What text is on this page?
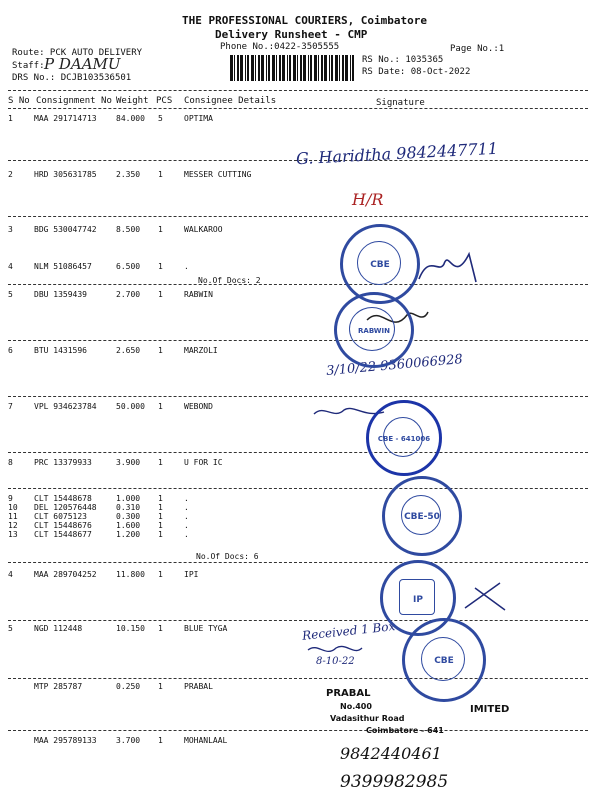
THE PROFESSIONAL COURIERS, Coimbatore
Delivery Runsheet - CMP
Phone No.:0422-3505555	Page No.:1
Route: PCK AUTO DELIVERY
Staff: P DAAMU
DRS No.: DCJB103536501
RS No.: 1035365
RS Date: 08-Oct-2022
S No Consignment No Weight PCS Consignee Details	Signature
1	MAA 291714713 84.000 5	OPTIMA
2	HRD 305631785 2.350 1	MESSER CUTTING
3	BDG 530047742 8.500 1	WALKAROO
4	NLM 51086457	6.500 1	.
5	DBU 1359439	2.700 1	RABWIN
6	BTU 1431596	2.650 1	MARZOLI
7	VPL 934623784 50.000 1	WEBOND
8	PRC 13379933	3.900 1	U FOR IC
9	CLT 15448678	1.000 1	.
10 DEL 120576448 0.310 1	.
11 CLT 6075123	0.300 1	.
12 CLT 15448676	1.600 1	.
13 CLT 15448677	1.200 1	.
4	MAA 289704252 11.800 1	IPI
5	NGD 112448	10.150 1	BLUE TYGA
MTP 285787	0.250 1	PRABAL
MAA 295789133 3.700 1	MOHANLAAL
No.Of Docs: 2
No.Of Docs: 6
G. Haridtha 9842447711
H/R
3/10/22 9360066928
Received 1 Box
8-10-22
9842440461
9399982985
CBE
RABWIN
CBE - 641006
CBE-50
IP
CBE
PRABAL
No.400
Vadasithur Road
Coimbatore - 641
IMITED
